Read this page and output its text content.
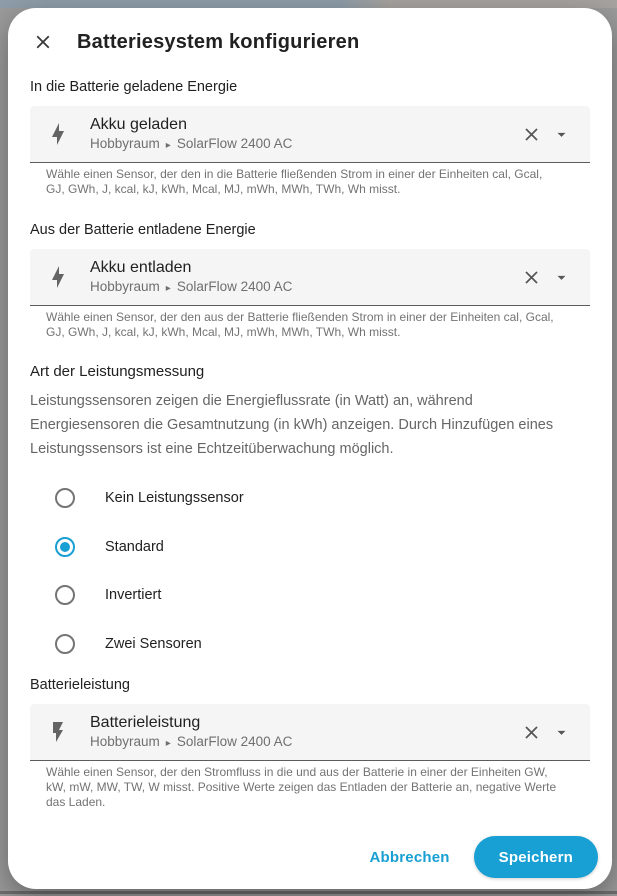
Batteriesystem konfigurieren
In die Batterie geladene Energie
Akku geladen
Hobbyraum ▸ SolarFlow 2400 AC
Wähle einen Sensor, der den in die Batterie fließenden Strom in einer der Einheiten cal, Gcal, GJ, GWh, J, kcal, kJ, kWh, Mcal, MJ, mWh, MWh, TWh, Wh misst.
Aus der Batterie entladene Energie
Akku entladen
Hobbyraum ▸ SolarFlow 2400 AC
Wähle einen Sensor, der den aus der Batterie fließenden Strom in einer der Einheiten cal, Gcal, GJ, GWh, J, kcal, kJ, kWh, Mcal, MJ, mWh, MWh, TWh, Wh misst.
Art der Leistungsmessung

Leistungssensoren zeigen die Energieflussrate (in Watt) an, während Energiesensoren die Gesamtnutzung (in kWh) anzeigen. Durch Hinzufügen eines Leistungssensors ist eine Echtzeitüberwachung möglich.

Kein Leistungssensor
Standard
Invertiert
Zwei Sensoren
Batterieleistung
Batterieleistung
Hobbyraum ▸ SolarFlow 2400 AC
Wähle einen Sensor, der den Stromfluss in die und aus der Batterie in einer der Einheiten GW, kW, mW, MW, TW, W misst. Positive Werte zeigen das Entladen der Batterie an, negative Werte das Laden.
Abbrechen	Speichern
